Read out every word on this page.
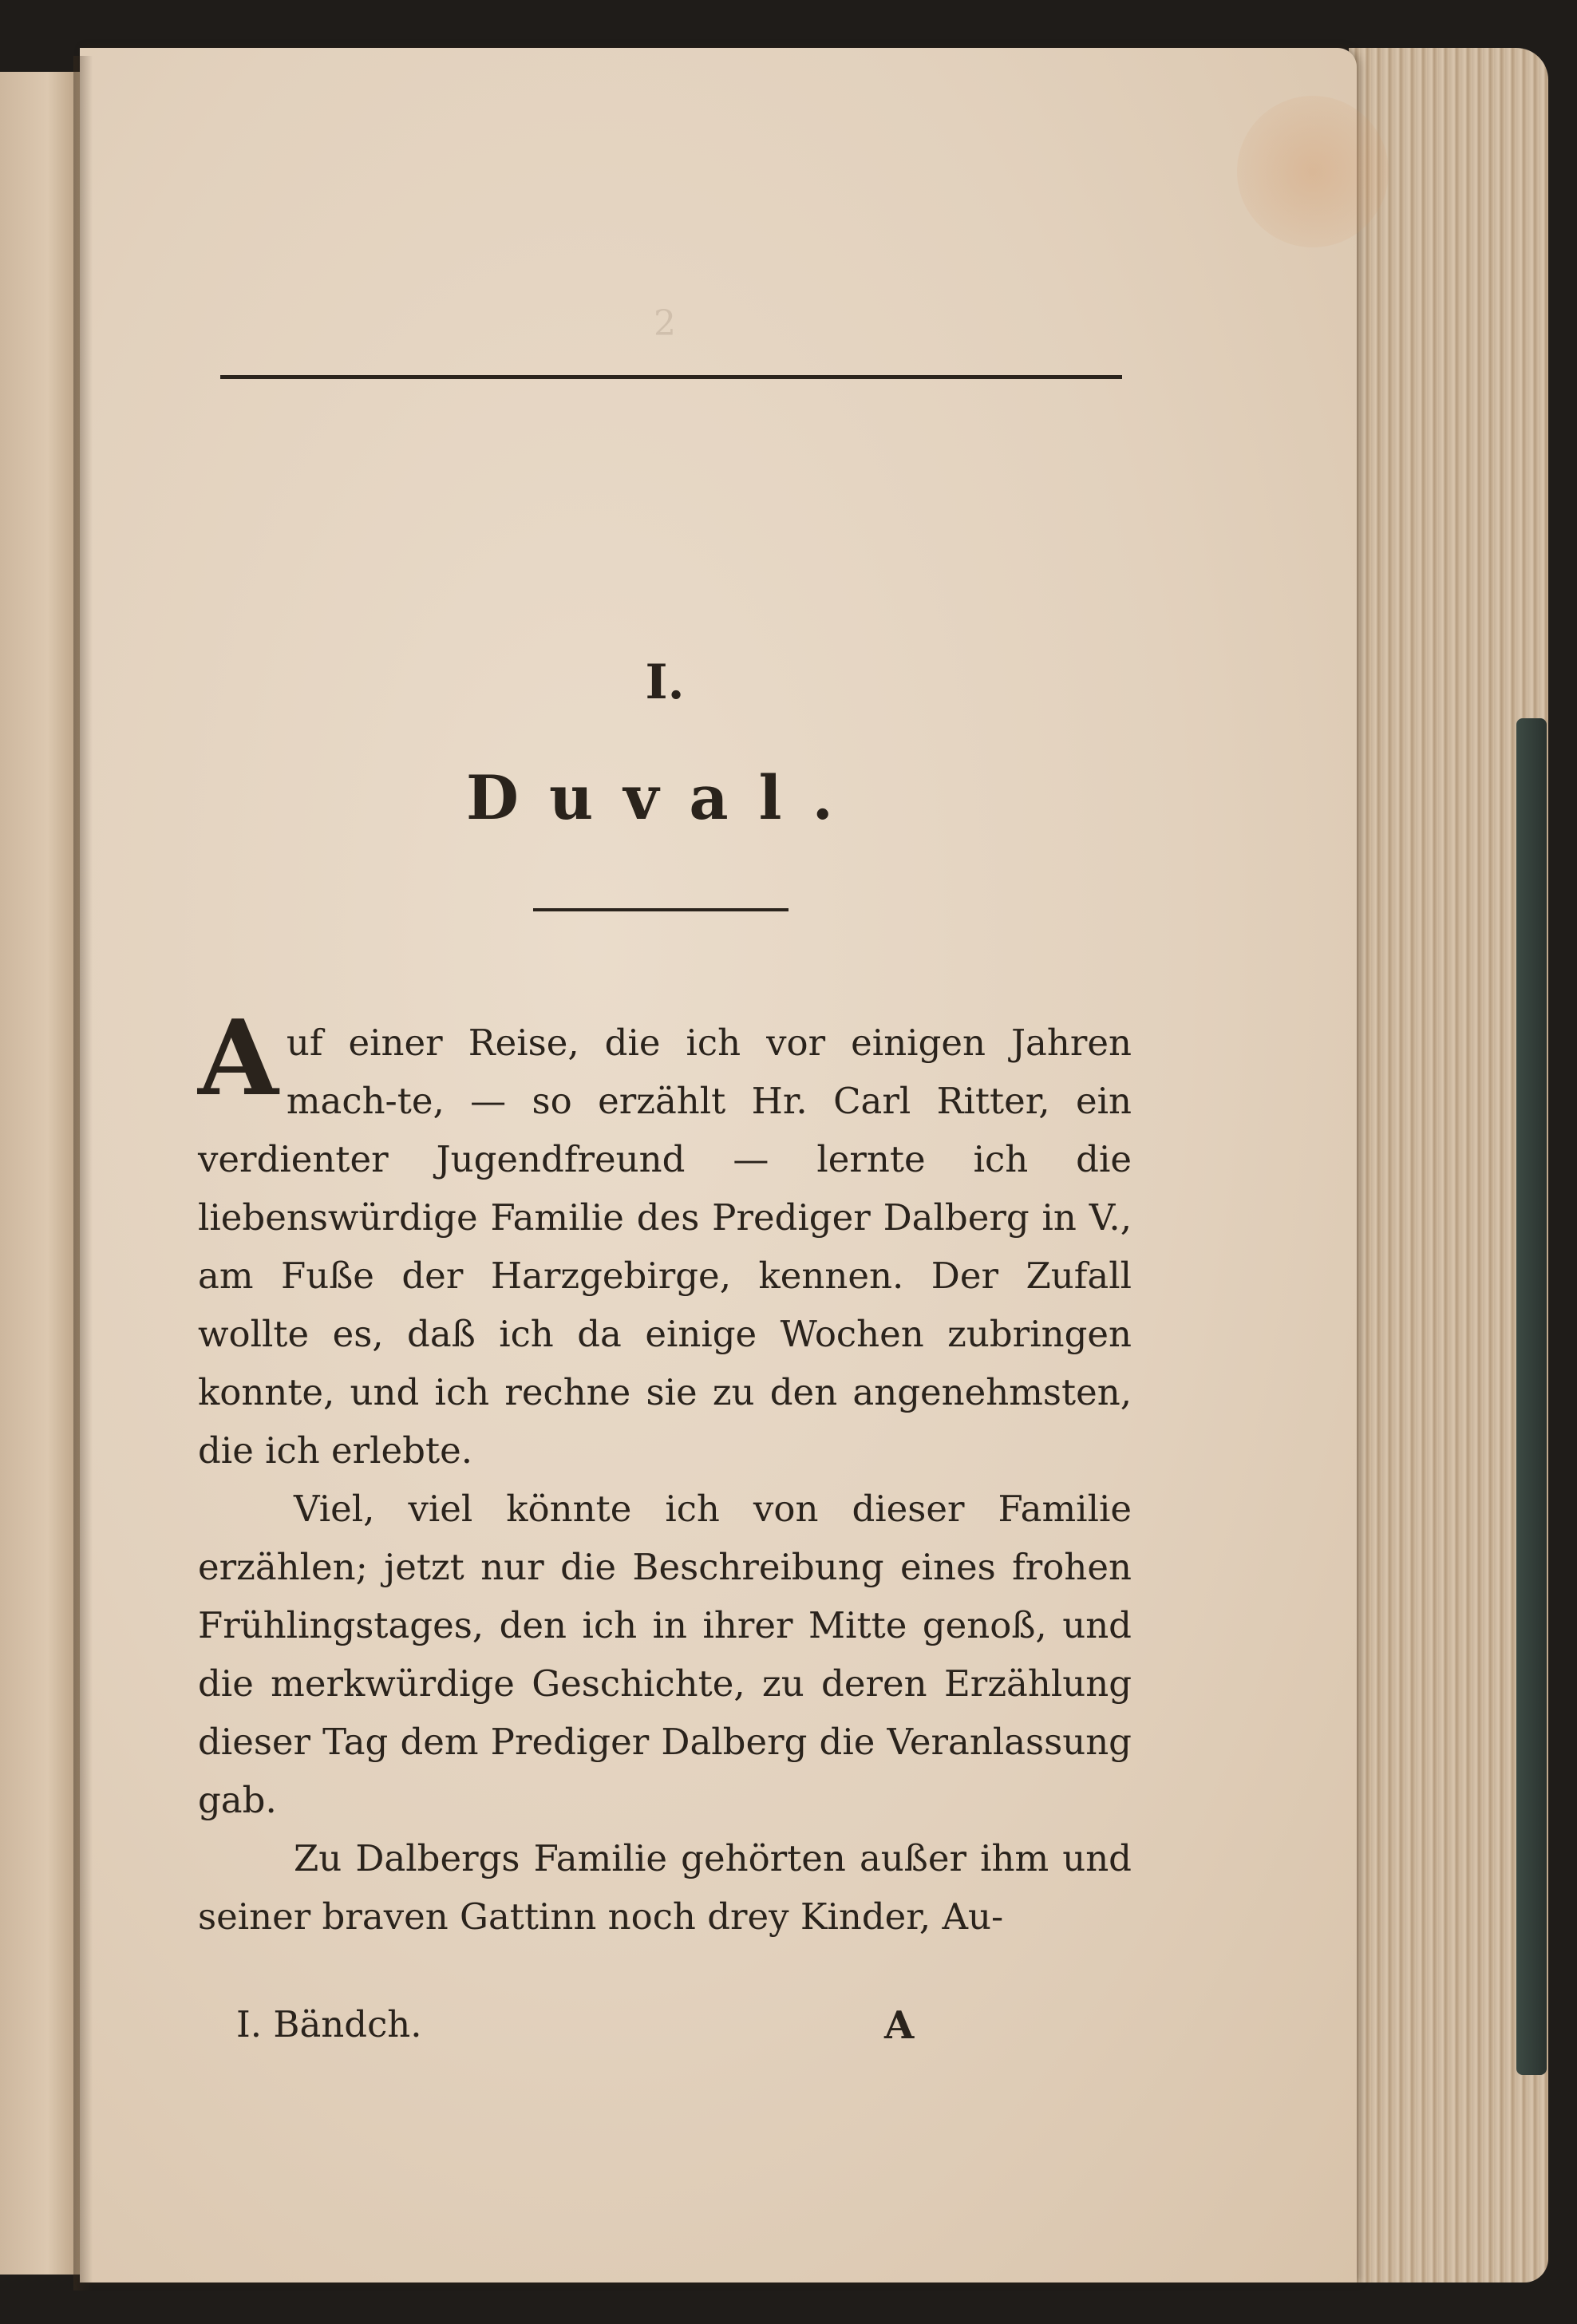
2
I.
Duval.

Auf einer Reise, die ich vor einigen Jahren mach-te, — so erzählt Hr. Carl Ritter, ein verdienter Jugendfreund — lernte ich die liebenswürdige Familie des Prediger Dalberg in V., am Fuße der Harzgebirge, kennen. Der Zufall wollte es, daß ich da einige Wochen zubringen konnte, und ich rechne sie zu den angenehmsten, die ich erlebte.

Viel, viel könnte ich von dieser Familie erzählen; jetzt nur die Beschreibung eines frohen Frühlingstages, den ich in ihrer Mitte genoß, und die merkwürdige Geschichte, zu deren Erzählung dieser Tag dem Prediger Dalberg die Veranlassung gab.

Zu Dalbergs Familie gehörten außer ihm und seiner braven Gattinn noch drey Kinder, Au-

I. Bändch.	A
